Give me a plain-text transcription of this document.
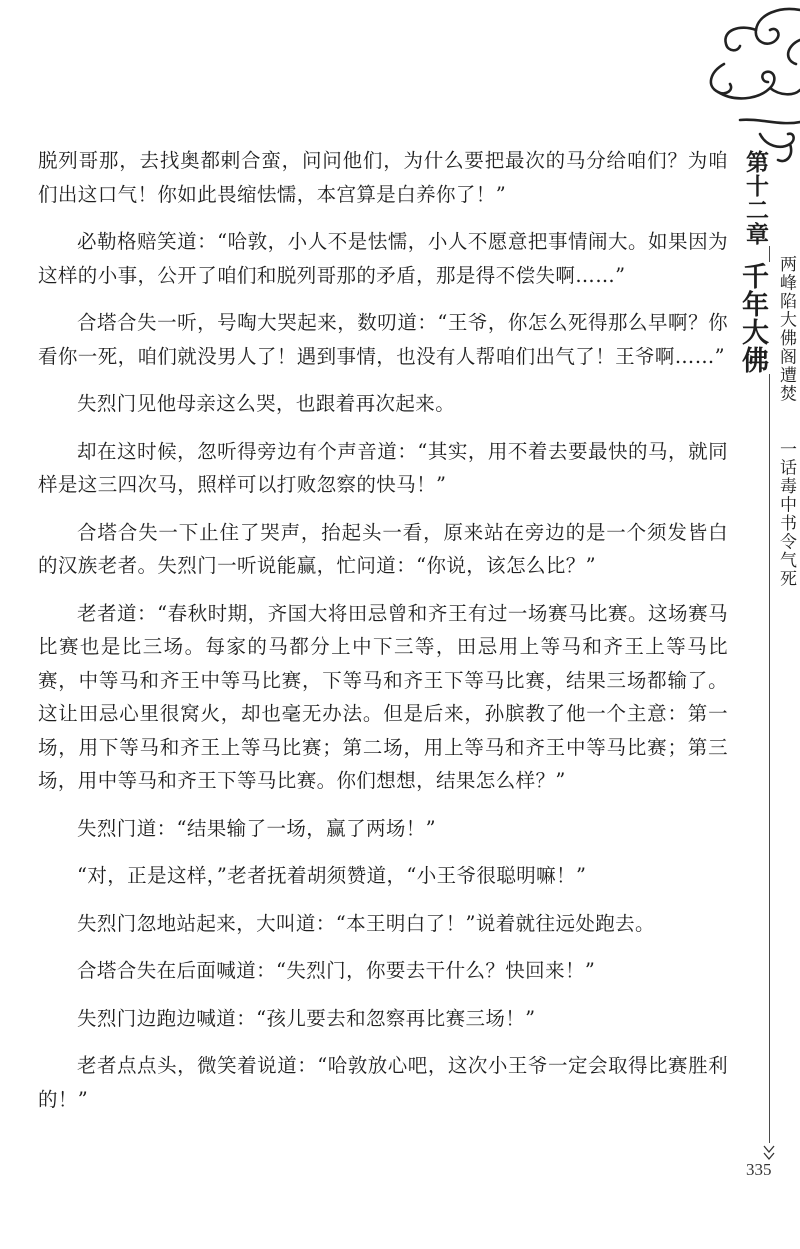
脱列哥那，去找奥都剌合蛮，问问他们，为什么要把最次的马分给咱们？为咱们出这口气！你如此畏缩怯懦，本宫算是白养你了！”

必勒格赔笑道：“哈敦，小人不是怯懦，小人不愿意把事情闹大。如果因为这样的小事，公开了咱们和脱列哥那的矛盾，那是得不偿失啊……”

合塔合失一听，号啕大哭起来，数叨道：“王爷，你怎么死得那么早啊？你看你一死，咱们就没男人了！遇到事情，也没有人帮咱们出气了！王爷啊……”

失烈门见他母亲这么哭，也跟着再次起来。

却在这时候，忽听得旁边有个声音道：“其实，用不着去要最快的马，就同样是这三四次马，照样可以打败忽察的快马！”

合塔合失一下止住了哭声，抬起头一看，原来站在旁边的是一个须发皆白的汉族老者。失烈门一听说能赢，忙问道：“你说，该怎么比？”

老者道：“春秋时期，齐国大将田忌曾和齐王有过一场赛马比赛。这场赛马比赛也是比三场。每家的马都分上中下三等，田忌用上等马和齐王上等马比赛，中等马和齐王中等马比赛，下等马和齐王下等马比赛，结果三场都输了。这让田忌心里很窝火，却也毫无办法。但是后来，孙膑教了他一个主意：第一场，用下等马和齐王上等马比赛；第二场，用上等马和齐王中等马比赛；第三场，用中等马和齐王下等马比赛。你们想想，结果怎么样？”

失烈门道：“结果输了一场，赢了两场！”

“对，正是这样，”老者抚着胡须赞道，“小王爷很聪明嘛！”

失烈门忽地站起来，大叫道：“本王明白了！”说着就往远处跑去。

合塔合失在后面喊道：“失烈门，你要去干什么？快回来！”

失烈门边跑边喊道：“孩儿要去和忽察再比赛三场！”

老者点点头，微笑着说道：“哈敦放心吧，这次小王爷一定会取得比赛胜利的！”

第十二章
千年大佛 两峰陷大佛阁遭焚
一话毒中书令气死
335
